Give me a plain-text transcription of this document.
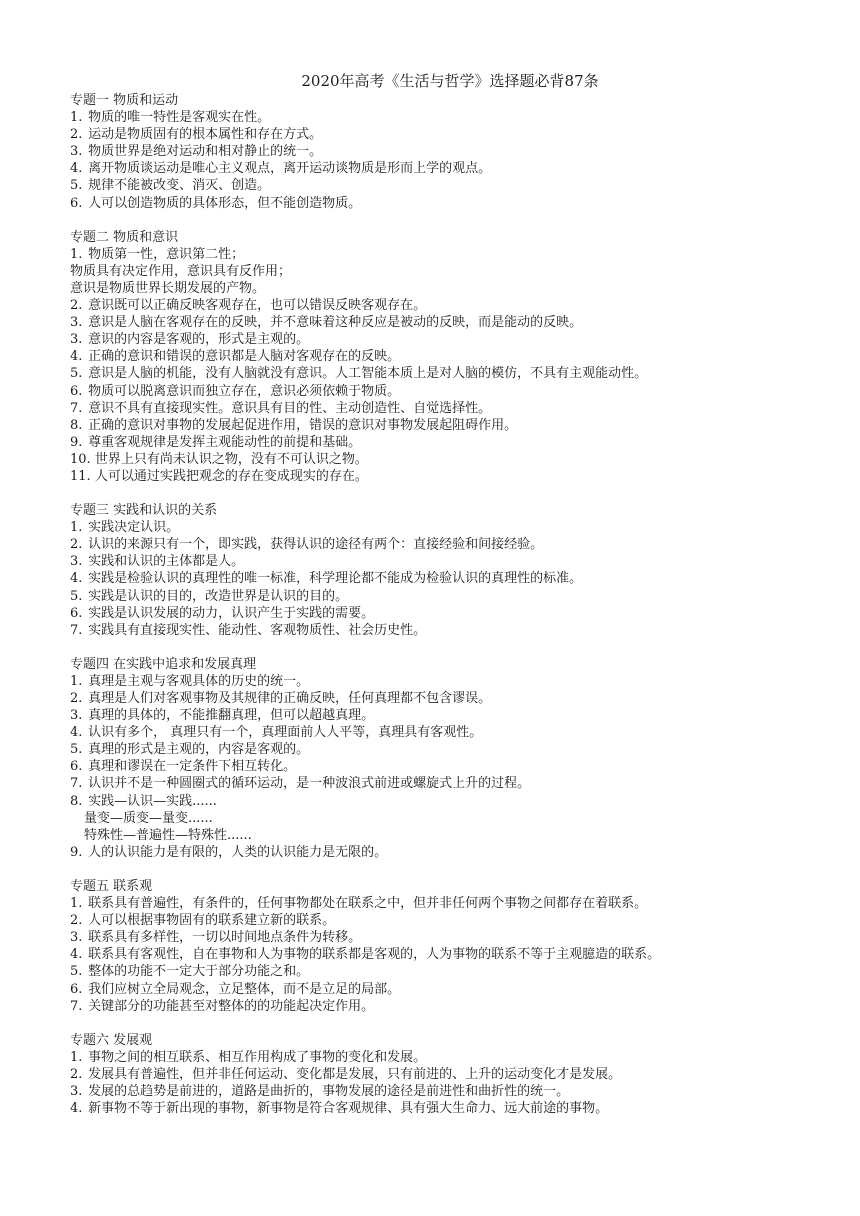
2020年高考《生活与哲学》选择题必背87条
专题一 物质和运动
1. 物质的唯一特性是客观实在性。
2. 运动是物质固有的根本属性和存在方式。
3. 物质世界是绝对运动和相对静止的统一。
4. 离开物质谈运动是唯心主义观点，离开运动谈物质是形而上学的观点。
5. 规律不能被改变、消灭、创造。
6. 人可以创造物质的具体形态，但不能创造物质。
专题二 物质和意识
1. 物质第一性，意识第二性；
物质具有决定作用，意识具有反作用；
意识是物质世界长期发展的产物。
2. 意识既可以正确反映客观存在，也可以错误反映客观存在。
3. 意识是人脑在客观存在的反映，并不意味着这种反应是被动的反映，而是能动的反映。
3. 意识的内容是客观的，形式是主观的。
4. 正确的意识和错误的意识都是人脑对客观存在的反映。
5. 意识是人脑的机能，没有人脑就没有意识。人工智能本质上是对人脑的模仿，不具有主观能动性。
6. 物质可以脱离意识而独立存在，意识必须依赖于物质。
7. 意识不具有直接现实性。意识具有目的性、主动创造性、自觉选择性。
8. 正确的意识对事物的发展起促进作用，错误的意识对事物发展起阻碍作用。
9. 尊重客观规律是发挥主观能动性的前提和基础。
10. 世界上只有尚未认识之物，没有不可认识之物。
11. 人可以通过实践把观念的存在变成现实的存在。
专题三 实践和认识的关系
1. 实践决定认识。
2. 认识的来源只有一个，即实践，获得认识的途径有两个：直接经验和间接经验。
3. 实践和认识的主体都是人。
4. 实践是检验认识的真理性的唯一标准，科学理论都不能成为检验认识的真理性的标准。
5. 实践是认识的目的，改造世界是认识的目的。
6. 实践是认识发展的动力，认识产生于实践的需要。
7. 实践具有直接现实性、能动性、客观物质性、社会历史性。
专题四 在实践中追求和发展真理
1. 真理是主观与客观具体的历史的统一。
2. 真理是人们对客观事物及其规律的正确反映，任何真理都不包含谬误。
3. 真理的具体的，不能推翻真理，但可以超越真理。
4. 认识有多个， 真理只有一个，真理面前人人平等，真理具有客观性。
5. 真理的形式是主观的，内容是客观的。
6. 真理和谬误在一定条件下相互转化。
7. 认识并不是一种圆圈式的循环运动，是一种波浪式前进或螺旋式上升的过程。
8. 实践—认识—实践......
量变—质变—量变......
特殊性—普遍性—特殊性......
9. 人的认识能力是有限的，人类的认识能力是无限的。
专题五 联系观
1. 联系具有普遍性，有条件的，任何事物都处在联系之中，但并非任何两个事物之间都存在着联系。
2. 人可以根据事物固有的联系建立新的联系。
3. 联系具有多样性，一切以时间地点条件为转移。
4. 联系具有客观性，自在事物和人为事物的联系都是客观的，人为事物的联系不等于主观臆造的联系。
5. 整体的功能不一定大于部分功能之和。
6. 我们应树立全局观念，立足整体，而不是立足的局部。
7. 关键部分的功能甚至对整体的的功能起决定作用。
专题六 发展观
1. 事物之间的相互联系、相互作用构成了事物的变化和发展。
2. 发展具有普遍性，但并非任何运动、变化都是发展，只有前进的、上升的运动变化才是发展。
3. 发展的总趋势是前进的，道路是曲折的，事物发展的途径是前进性和曲折性的统一。
4. 新事物不等于新出现的事物，新事物是符合客观规律、具有强大生命力、远大前途的事物。
